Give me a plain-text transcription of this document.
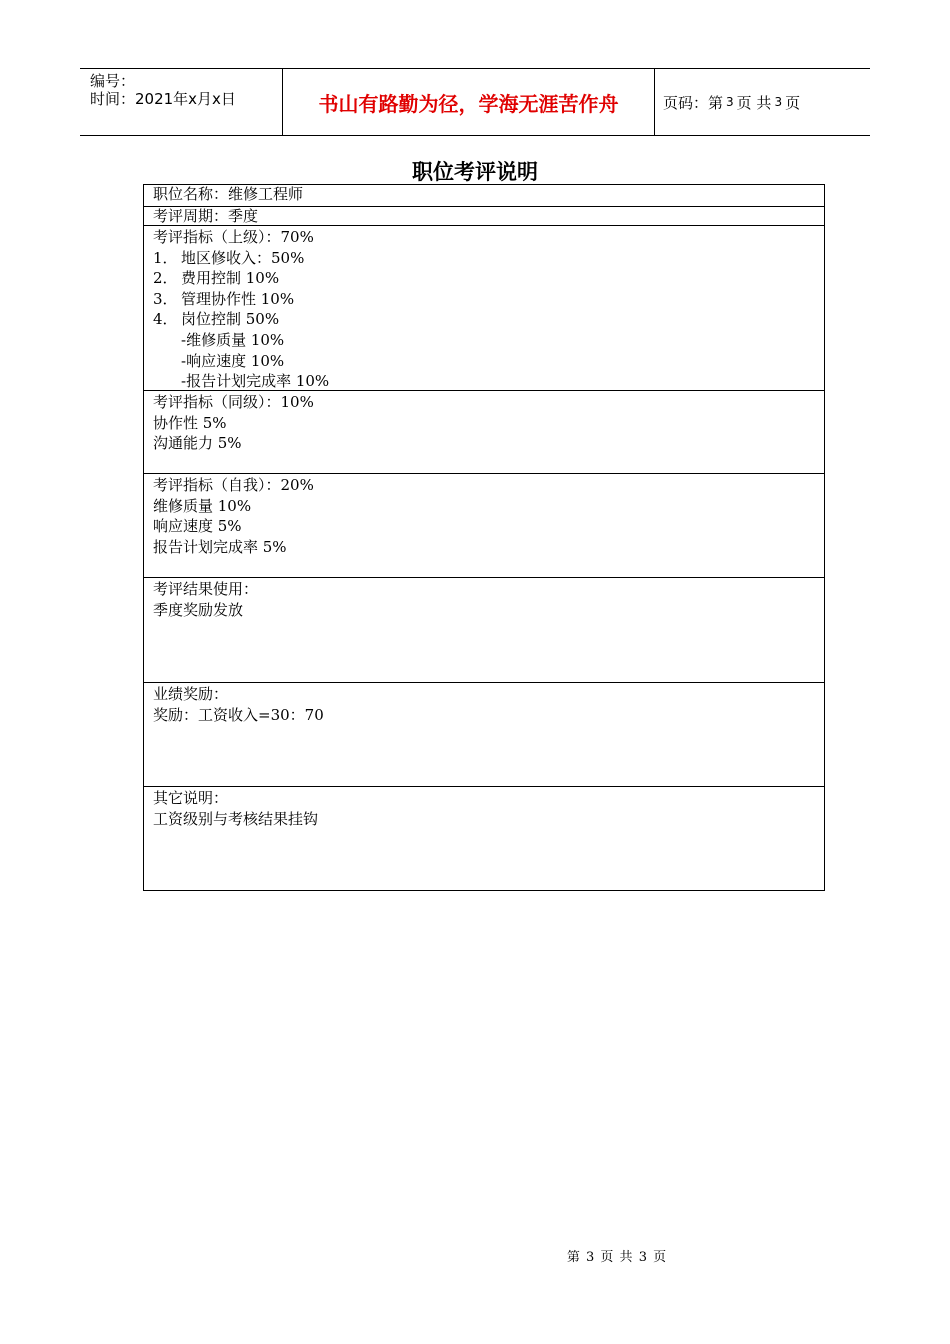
编号：
时间：2021年x月x日	书山有路勤为径，学海无涯苦作舟	页码：第 3 页 共 3 页
职位考评说明
职位名称：维修工程师
考评周期：季度
考评指标（上级）：70%
1． 地区修收入：50%
2． 费用控制 10%
3． 管理协作性 10%
4． 岗位控制 50%
-维修质量 10%
-响应速度 10%
-报告计划完成率 10%
考评指标（同级）：10%
协作性 5%
沟通能力 5%
考评指标（自我）：20%
维修质量 10%
响应速度 5%
报告计划完成率 5%
考评结果使用：
季度奖励发放
业绩奖励：
奖励：工资收入=30：70
其它说明：
工资级别与考核结果挂钩
第 3 页 共 3 页
